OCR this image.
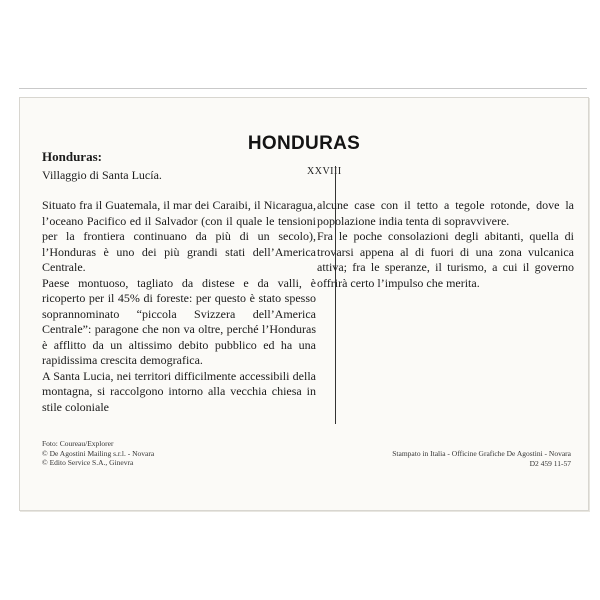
HONDURAS
XXVIII
Honduras:
Villaggio di Santa Lucía.

Situato fra il Guatemala, il mar dei Caraibi, il Nicaragua, l’oceano Pacifico ed il Salvador (con il quale le tensioni per la frontiera continuano da più di un secolo), l’Honduras è uno dei più grandi stati dell’America Centrale.

Paese montuoso, tagliato da distese e da valli, è ricoperto per il 45% di foreste: per questo è stato spesso soprannominato “piccola Svizzera dell’America Centrale”: paragone che non va oltre, perché l’Honduras è afflitto da un altissimo debito pubblico ed ha una rapidissima crescita demografica.

A Santa Lucia, nei territori difficilmente accessibili della montagna, si raccolgono intorno alla vecchia chiesa in stile coloniale

alcune case con il tetto a tegole rotonde, dove la popolazione india tenta di sopravvivere.

Fra le poche consolazioni degli abitanti, quella di trovarsi appena al di fuori di una zona vulcanica attiva; fra le speranze, il turismo, a cui il governo offrirà certo l’impulso che merita.

Foto: Coureau/Explorer
© De Agostini Mailing s.r.l. - Novara
© Edito Service S.A., Ginevra
Stampato in Italia - Officine Grafiche De Agostini - Novara
D2 459 11-57
